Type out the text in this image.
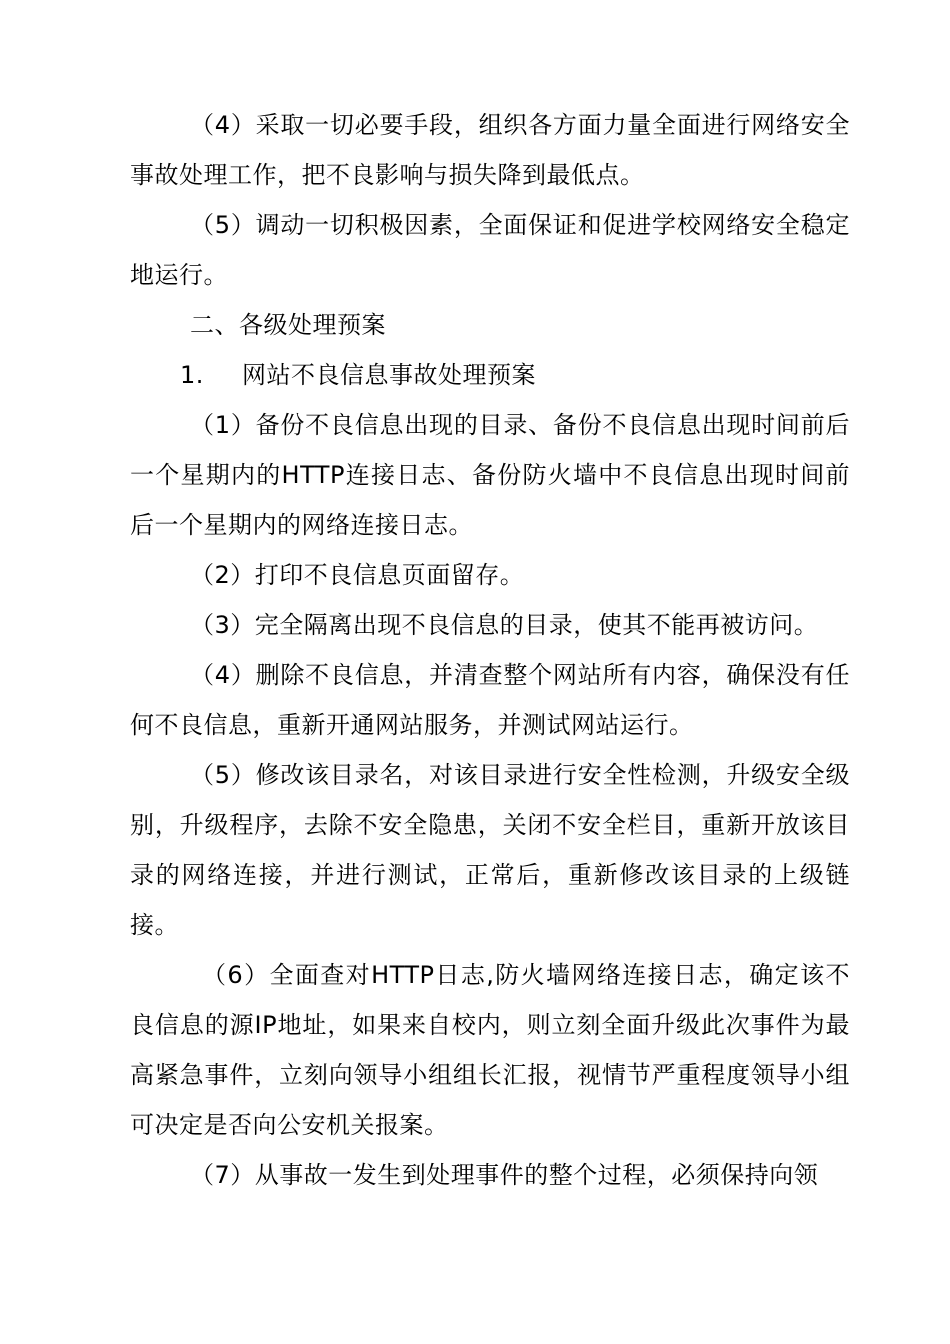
（4）采取一切必要手段，组织各方面力量全面进行网络安全事故处理工作，把不良影响与损失降到最低点。

（5）调动一切积极因素，全面保证和促进学校网络安全稳定地运行。

二、各级处理预案

1. 网站不良信息事故处理预案

（1）备份不良信息出现的目录、备份不良信息出现时间前后一个星期内的HTTP连接日志、备份防火墙中不良信息出现时间前后一个星期内的网络连接日志。

（2）打印不良信息页面留存。

（3）完全隔离出现不良信息的目录，使其不能再被访问。

（4）删除不良信息，并清查整个网站所有内容，确保没有任何不良信息，重新开通网站服务，并测试网站运行。

（5）修改该目录名，对该目录进行安全性检测，升级安全级别，升级程序，去除不安全隐患，关闭不安全栏目，重新开放该目录的网络连接，并进行测试，正常后，重新修改该目录的上级链接。

（6）全面查对HTTP日志,防火墙网络连接日志，确定该不良信息的源IP地址，如果来自校内，则立刻全面升级此次事件为最高紧急事件，立刻向领导小组组长汇报，视情节严重程度领导小组可决定是否向公安机关报案。

（7）从事故一发生到处理事件的整个过程，必须保持向领
